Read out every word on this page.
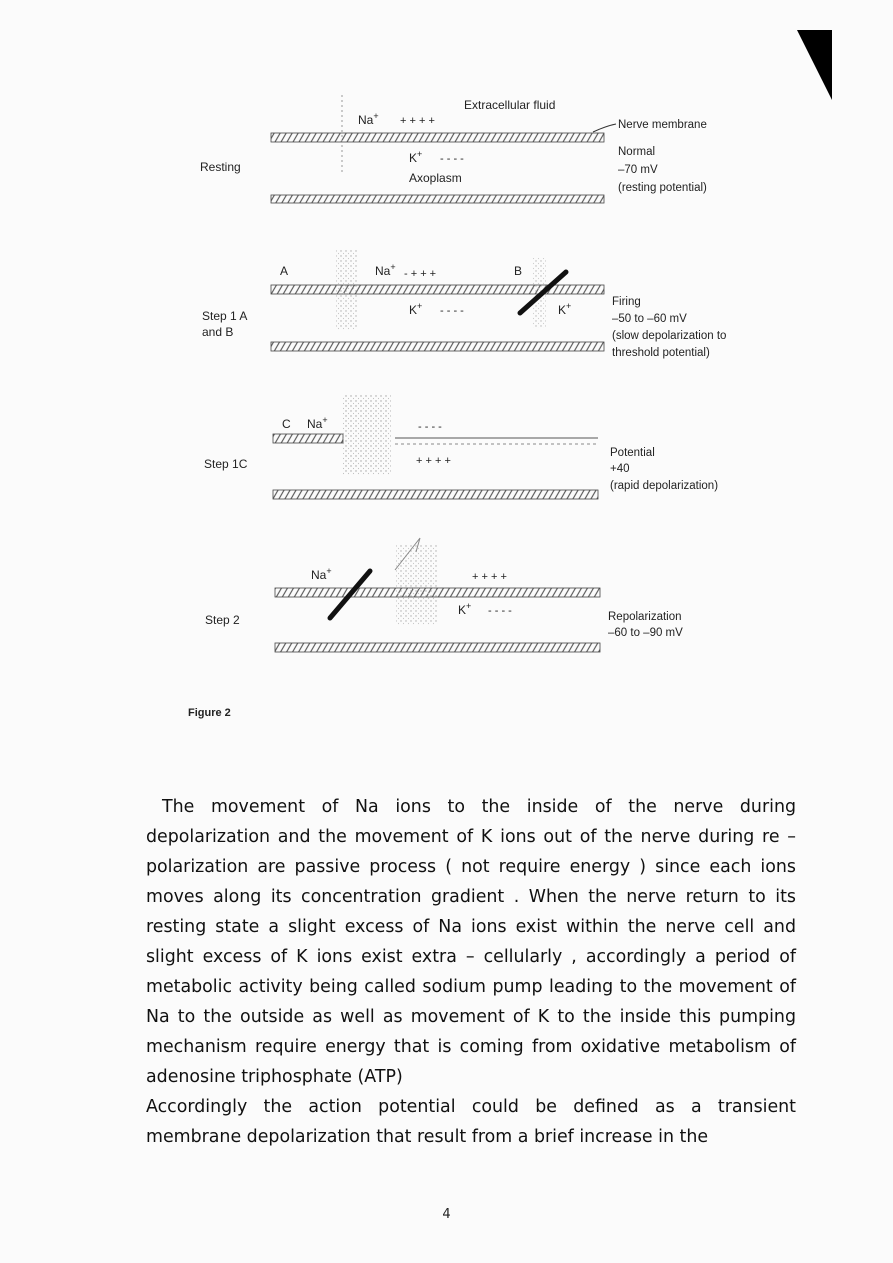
Resting
Na+ + + + +
Extracellular fluid
K+ - - - -
Axoplasm
Nerve membrane Normal –70 mV (resting potential)
Step 1 A and B
A	B
Na+
- + + +
K+ - - - -	K+	Firing –50 to –60 mV (slow depolarization to threshold potential)
Step 1C
C Na+
- - - -
+ + + +
Potential +40 (rapid depolarization)
Step 2
Na+	+ + + +
K+ - - - -	Repolarization –60 to –90 mV
Figure 2

The movement of Na ions to the inside of the nerve during depolarization and the movement of K ions out of the nerve during re – polarization are passive process ( not require energy ) since each ions moves along its concentration gradient . When the nerve return to its resting state a slight excess of Na ions exist within the nerve cell and slight excess of K ions exist extra – cellularly , accordingly a period of metabolic activity being called sodium pump leading to the movement of Na to the outside as well as movement of K to the inside this pumping mechanism require energy that is coming from oxidative metabolism of adenosine triphosphate (ATP)

Accordingly the action potential could be defined as a transient membrane depolarization that result from a brief increase in the

4
